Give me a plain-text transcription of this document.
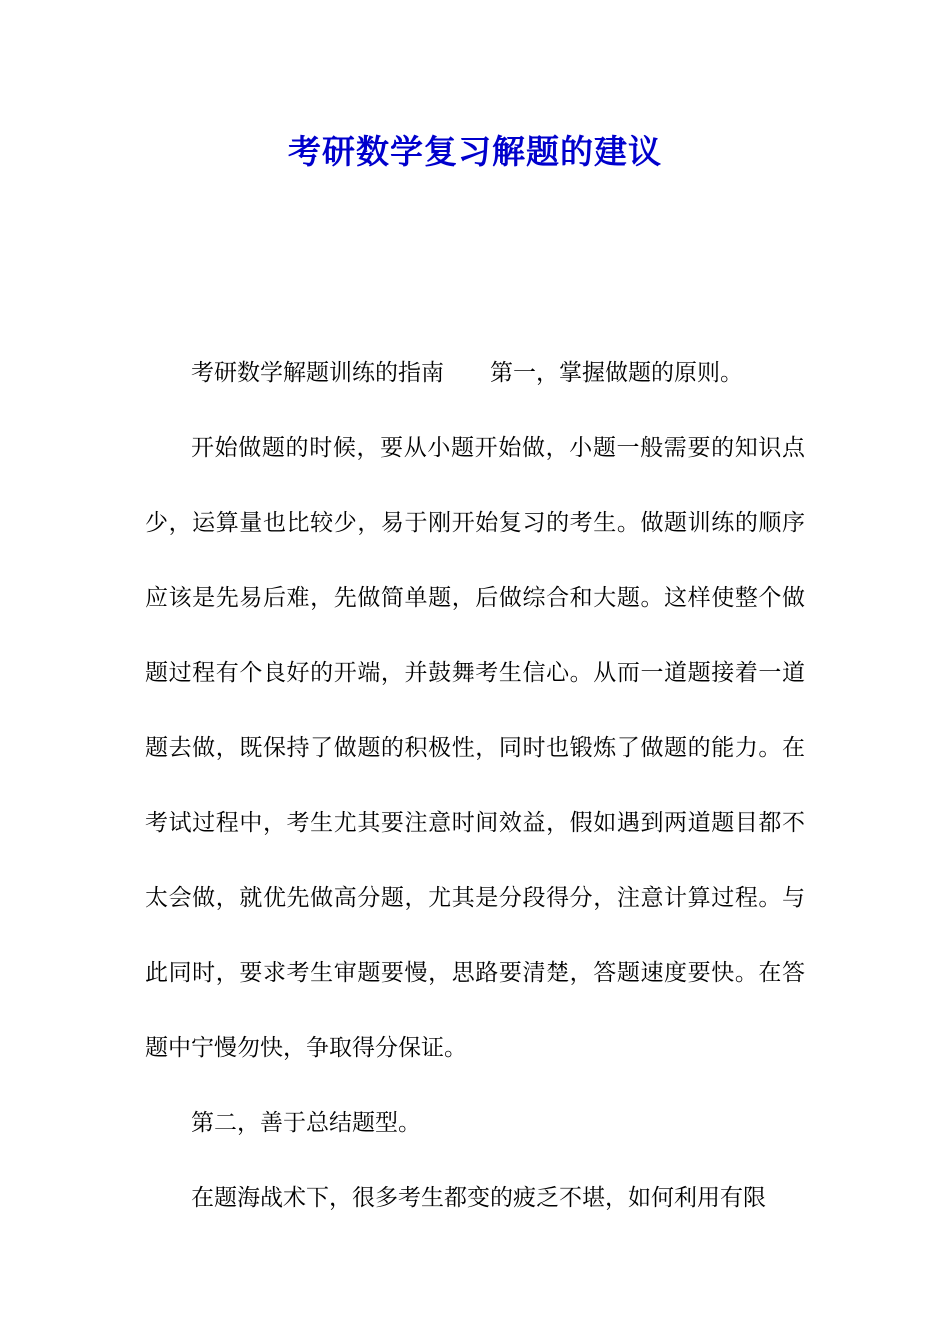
考研数学复习解题的建议

考研数学解题训练的指南 第一，掌握做题的原则。

开始做题的时候，要从小题开始做，小题一般需要的知识点少，运算量也比较少，易于刚开始复习的考生。做题训练的顺序应该是先易后难，先做简单题，后做综合和大题。这样使整个做题过程有个良好的开端，并鼓舞考生信心。从而一道题接着一道题去做，既保持了做题的积极性，同时也锻炼了做题的能力。在考试过程中，考生尤其要注意时间效益，假如遇到两道题目都不太会做，就优先做高分题，尤其是分段得分，注意计算过程。与此同时，要求考生审题要慢，思路要清楚，答题速度要快。在答题中宁慢勿快，争取得分保证。

第二，善于总结题型。

在题海战术下，很多考生都变的疲乏不堪，如何利用有限
